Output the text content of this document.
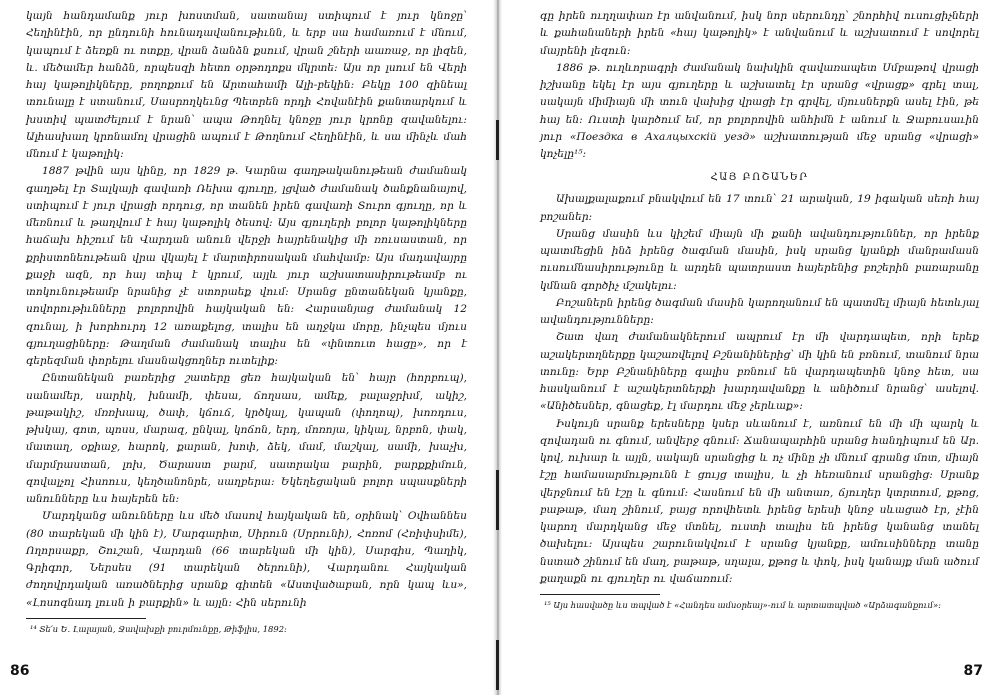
կայն հանդամանք յուր խոստման, սատանայ ստիպում է յուր կնոջը՝ Հեղինէին, որ ընդունի հունադավանութիւնն, և երբ սա համառում է մնում, կապում է ձեռքն ու ոտքը, վրան ձանձն քսում, վրան շների աառաջ, որ լիզեն, և. մեծամեր հանձն, որպեսզի հետո օրթոդոքս մկրտե։ Այս որ լսում են Վերի հայ կաթոլիկները, բողոքում են Արտահամի Ալի-բեկին։ Բեկը 100 զինեալ տունալը է ստանում, Սասրողկեւնց Պետրեն որդի Հովանէին քանտարկում և խստիվ պատժելում է նրան՝ ապա Թողնել կնոջը յուր կրոնը զավանելու։ Ալհասխաղ կրոնամոլ վրացին ապում է Թողնում Հեղինէին, և սա մինչև մահ մնում է կաթոլիկ։

1887 թվին այս կինը, որ 1829 թ. Կարնա գաղթականութեան ժամանակ գաղթել էր Տալկայի գավառի Ռեխա գյուղը, լցված ժամանակ ծանքնանայով, ստիպում է յուր վրացի որդուց, որ տանեն իրեն գավառի Տուրո գյուղը, որ և մեռնում և թաղվում է հայ կաթոլիկ ծեսով։ Այս գյուղերի բոլոր կաթոլիկները հաճախ հիշում են Վարդան անուն վերջի հայրենակից մի ռուսաստան, որ քրիստոնեութեան վրա վկայել է մարտիրոսական մահվամբ։ Այս մադավայրը քաջի ազն, որ հայ տիպ է կրում, այլև յուր աշխատասիրութեամբ ու տոկունութեամբ նրանից չէ ստորաեք վում։ Սրանց ընտանեկան կյանքը, սովորութիւնները բոլորովին հայկական են։ Հարսանյաց ժամանակ 12 զունալ, ի խորհուրդ 12 առաքելոց, տալիս են աղջկա մորը, ինչպես մյուս գյուղացիները։ Թաղման ժամանակ տալիս են «փնտուտ հացը», որ է գերեզման փորելու մասնակցողներ ուտելիք։

Ընտանեկան բառերից շատերը ցեռ հայկական են՝ հայր (հորբուպ), սանամեր, սարիկ, խնամի, փեսա, ճողսաս, ամեք, բալաջրխմ, ակիշ, թաթակիշ, մռռխապ, ծափ, կճուճ, կրծկալ, կապան (փողոպ), խոռդուս, թխկայ, գոտ, պոսս, մարազ, ընկալ, կոճոն, երդ, մոռոյա, կիկալ, նրբոն, փակ, մատաղ, օքիաջ, հարոկ, քարան, խոփ, ձեկ, մամ, մաշկալ, սամի, խաչխ, մարմրաստան, լոխ, Ծարաստ բարմ, սատրակա բարին, բարքքիմուն, զովալչոլ Հիսոուս, կեղծանոնրե, սաղբերա։ Եկեղեցական բոլոր սպասքների անունները ևս հայերեն են։

Մարդկանց անունները ևս մեծ մասով հայկական են, օրինակ՝ Օվհաննես (80 տարեկան մի կին է), Մարգարիտ, Սիրուն (Սրրունի), Հոռոմ (Հռիփսիմե), Ողորսաքր, Շուշան, Վարդան (66 տարեկան մի կին), Սարգիս, Պաղիկ, Գրիգոր, Ներսես (91 տարեկան ծերունի), Վարդանու Հայկական ժողովրդական առածներից սրանք գիտեն «Աստվածաբան, որն կապ ևս», «Լոսոգնադ լուսն ի բարքին» և այլն։ Հին սերունի

¹⁴ Տե՛ս Ե. Լալայան, Ջավախքի բուրմունքը, Թիֆլիս, 1892։

86

գը իրեն ուղղափառ էր անվանում, իսկ նոր սերունդը՝ շնորհիվ ուսուցիչների և քահանաների իրեն «հայ կաթոլիկ» է անվանում և աշխատում է սովորել մայրենի լեզուն։

1886 թ. ուղևորագրի ժամանակ նախկին զավառապետ Սմբաթով վրացի իշխանը եկել էր այս գյուղերը և աշխատել էր սրանց «վրացք» գրել տալ, սակայն միմիայն մի տուն վախից վրացի էր գրվել, մյուսներքն ասել էին, թե հայ են։ Ուստի կարծում եմ, որ բոլորովին անհիմն է անում և Ջաբուսաւին յուր «Поездка в Ахалцыхскiй уезд» աշխատության մեջ սրանց «վրացի» կոչելը¹⁵։

ՀԱՅ ԲՈՇԱՆԵՐ

Ախալքալաքում բնակվում են 17 տուն՝ 21 արական, 19 իգական սեռի հայ բոշաներ։

Սրանց մասին ևս կիշեմ միայն մի քանի ավանդություններ, որ իրենք պատմեցին ինձ իրենց ծագման մասին, իսկ սրանց կյանքի մանրամասն ուսումնասիրությունը և արդեն պատրաստ հայերենից բոշերին բառարանը կմնան գործիչ մշակելու։

Բոշաներն իրենց ծագման մասին կարողանում են պատմել միայն հետևյալ ավանդությունները։

Շատ վաղ ժամանակներում ապրում էր մի վարդապետ, որի երեք աշակերտղներքը կաշառվելով Բշնանիներից՝ մի կին են բռնում, տանում նրա տունը։ Երբ Բշնանիները գալիս բռնում են վարդապետին կնոջ հետ, սա հասկանում է աշակերտներքի խարդավանքը և անիծում նրանց՝ ասելով. «Անիծեսներ, գնացեք, էլ մարդու մեջ չերևաք»։

Իսկույն սրանք երեսները կսեր սևանում է, առնում են մի մի պարկ և զովադան ու գնում, անվերջ գնում։ Ճանապարհին սրանց հանդիպում են Ար. կով, ուխար և այլն, սակայն սրանցից և ոչ մինը չի մնում գրանց մոտ, միայն էշը համասարմությունն է ցույց տալիս, և չի հեռանում սրանցից։ Սրանք վերջնում են էշը և գնում։ Հասնում են մի անտառ, ճյուղեր կտրտում, քթոց, բաթաթ, մաղ շինում, բայց որովհետև իրենց երեսի կնոջ սևացած էր, չէին կարող մարդկանց մեջ մտնել, ուստի տալիս են իրենց կանանց տանել ծախելու։ Այսպես շարունակվում է սրանց կյանքը, ամուսինները տանը նստած շինում են մաղ, բաթաթ, սղալա, քթոց և փոկ, իսկ կանայք ման ածում քաղաքն ու գյուղեր ու վաճառում։

¹⁵ Այս հասվածը ևս տպված է «Հանդես ամսօրեայ»-ում և արտատպված «Արձագանքում»։

87
